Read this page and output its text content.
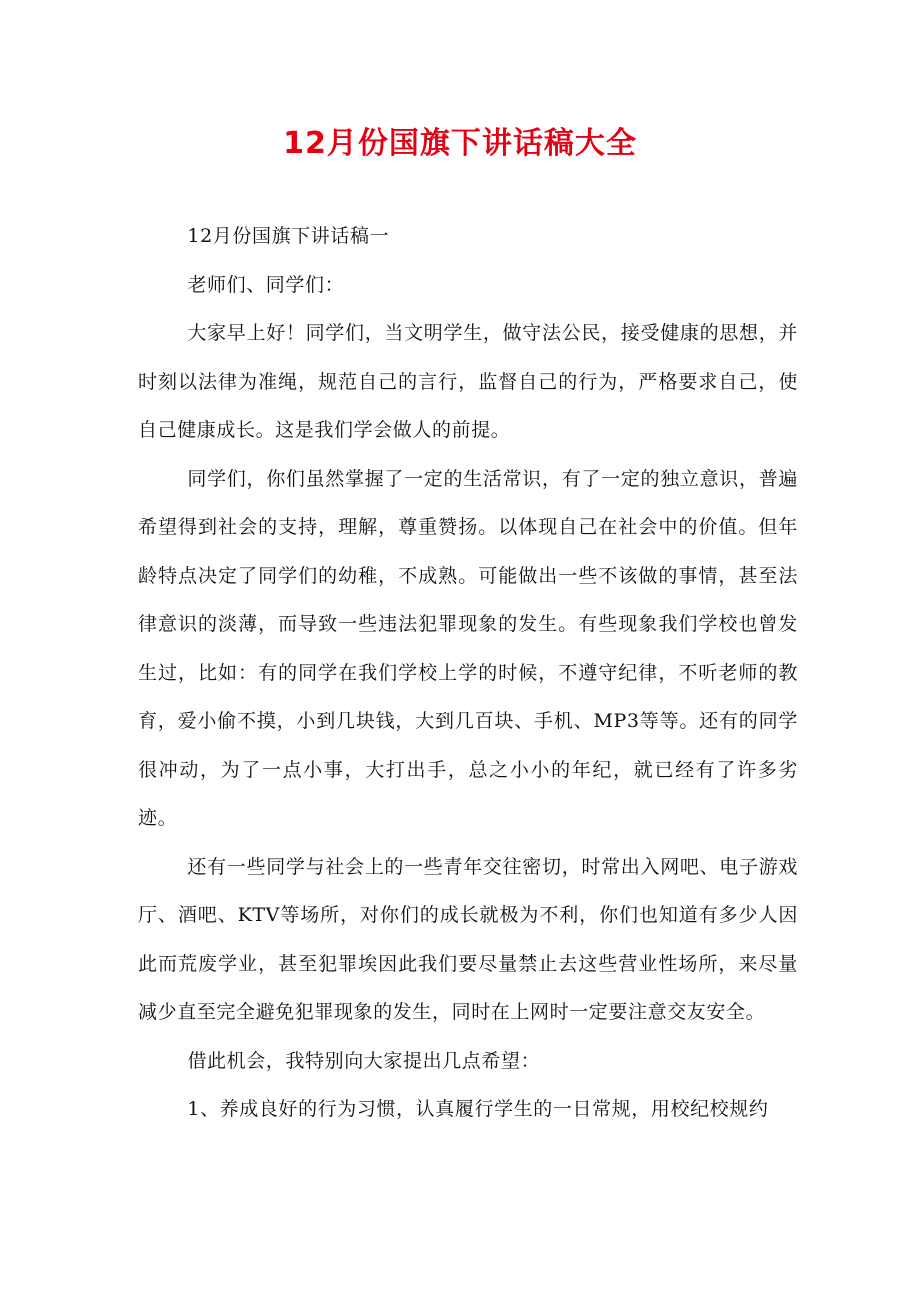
12月份国旗下讲话稿大全

12月份国旗下讲话稿一

老师们、同学们：

大家早上好！同学们，当文明学生，做守法公民，接受健康的思想，并时刻以法律为准绳，规范自己的言行，监督自己的行为，严格要求自己，使自己健康成长。这是我们学会做人的前提。

同学们，你们虽然掌握了一定的生活常识，有了一定的独立意识，普遍希望得到社会的支持，理解，尊重赞扬。以体现自己在社会中的价值。但年龄特点决定了同学们的幼稚，不成熟。可能做出一些不该做的事情，甚至法律意识的淡薄，而导致一些违法犯罪现象的发生。有些现象我们学校也曾发生过，比如：有的同学在我们学校上学的时候，不遵守纪律，不听老师的教育，爱小偷不摸，小到几块钱，大到几百块、手机、MP3等等。还有的同学很冲动，为了一点小事，大打出手，总之小小的年纪，就已经有了许多劣迹。

还有一些同学与社会上的一些青年交往密切，时常出入网吧、电子游戏厅、酒吧、KTV等场所，对你们的成长就极为不利，你们也知道有多少人因此而荒废学业，甚至犯罪埃因此我们要尽量禁止去这些营业性场所，来尽量减少直至完全避免犯罪现象的发生，同时在上网时一定要注意交友安全。

借此机会，我特别向大家提出几点希望：

1、养成良好的行为习惯，认真履行学生的一日常规，用校纪校规约
